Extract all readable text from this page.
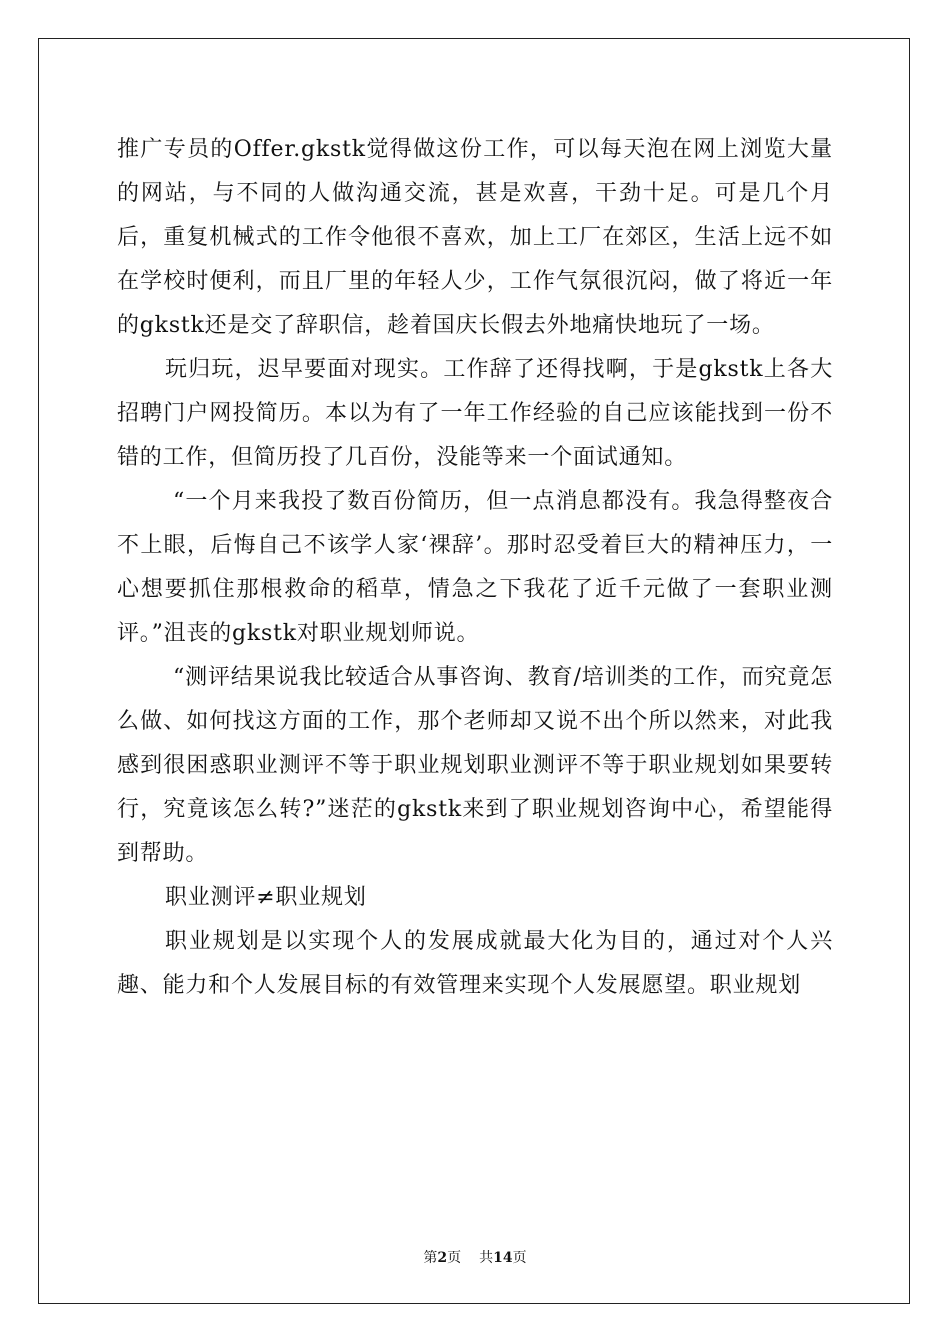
推广专员的Offer.gkstk觉得做这份工作，可以每天泡在网上浏览大量的网站，与不同的人做沟通交流，甚是欢喜，干劲十足。可是几个月后，重复机械式的工作令他很不喜欢，加上工厂在郊区，生活上远不如在学校时便利，而且厂里的年轻人少，工作气氛很沉闷，做了将近一年的gkstk还是交了辞职信，趁着国庆长假去外地痛快地玩了一场。

玩归玩，迟早要面对现实。工作辞了还得找啊，于是gkstk上各大招聘门户网投简历。本以为有了一年工作经验的自己应该能找到一份不错的工作，但简历投了几百份，没能等来一个面试通知。

“一个月来我投了数百份简历，但一点消息都没有。我急得整夜合不上眼，后悔自己不该学人家‘裸辞’。那时忍受着巨大的精神压力，一心想要抓住那根救命的稻草，情急之下我花了近千元做了一套职业测评。”沮丧的gkstk对职业规划师说。

“测评结果说我比较适合从事咨询、教育/培训类的工作，而究竟怎么做、如何找这方面的工作，那个老师却又说不出个所以然来，对此我感到很困惑职业测评不等于职业规划职业测评不等于职业规划如果要转行，究竟该怎么转?”迷茫的gkstk来到了职业规划咨询中心，希望能得到帮助。

职业测评≠职业规划

职业规划是以实现个人的发展成就最大化为目的，通过对个人兴趣、能力和个人发展目标的有效管理来实现个人发展愿望。职业规划

第2页 共14页
